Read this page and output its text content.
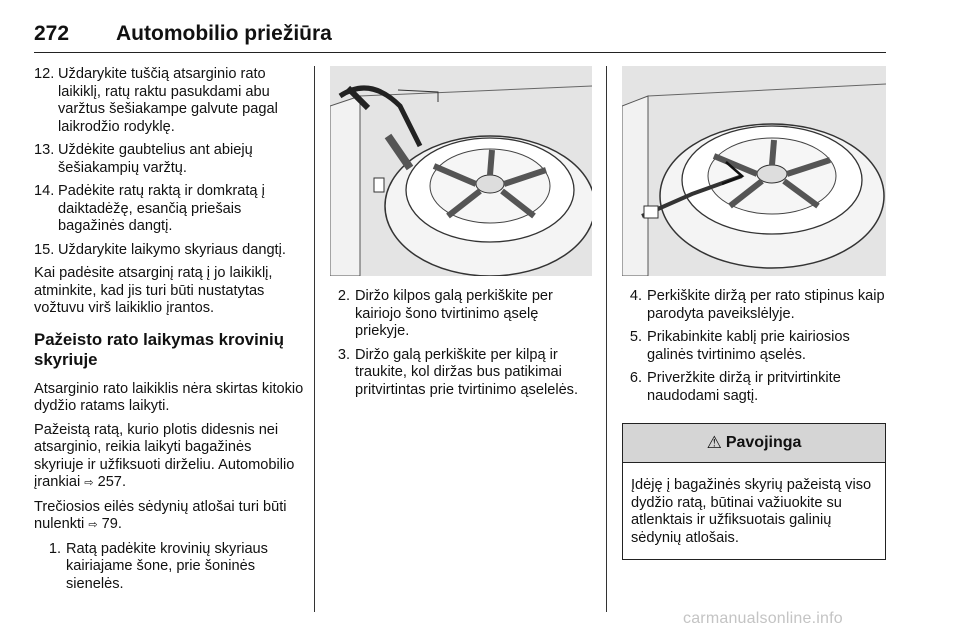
272 Automobilio priežiūra
12. Uždarykite tuščią atsarginio rato laikiklį, ratų raktu pasukdami abu varžtus šešiakampe galvute pagal laikrodžio rodyklę.
13. Uždėkite gaubtelius ant abiejų šešiakampių varžtų.
14. Padėkite ratų raktą ir domkratą į daiktadėžę, esančią priešais bagažinės dangtį.
15. Uždarykite laikymo skyriaus dangtį.

Kai padėsite atsarginį ratą į jo laikiklį, atminkite, kad jis turi būti nustatytas vožtuvu virš laikiklio įrantos.

Pažeisto rato laikymas krovinių skyriuje

Atsarginio rato laikiklis nėra skirtas kitokio dydžio ratams laikyti.

Pažeistą ratą, kurio plotis didesnis nei atsarginio, reikia laikyti bagažinės skyriuje ir užfiksuoti dirželiu. Automobilio įrankiai ⇨ 257.

Trečiosios eilės sėdynių atlošai turi būti nulenkti ⇨ 79.

1. Ratą padėkite krovinių skyriaus kairiajame šone, prie šoninės sienelės.
2. Diržo kilpos galą perkiškite per kairiojo šono tvirtinimo ąselę priekyje.
3. Diržo galą perkiškite per kilpą ir traukite, kol diržas bus patikimai pritvirtintas prie tvirtinimo ąselelės.
4. Perkiškite diržą per rato stipinus kaip parodyta paveikslėlyje.
5. Prikabinkite kablį prie kairiosios galinės tvirtinimo ąselės.
6. Priveržkite diržą ir pritvirtinkite naudodami sagtį.
⚠ Pavojinga
Įdėję į bagažinės skyrių pažeistą viso dydžio ratą, būtinai važiuokite su atlenktais ir užfiksuotais galinių sėdynių atlošais.
carmanualsonline.info
